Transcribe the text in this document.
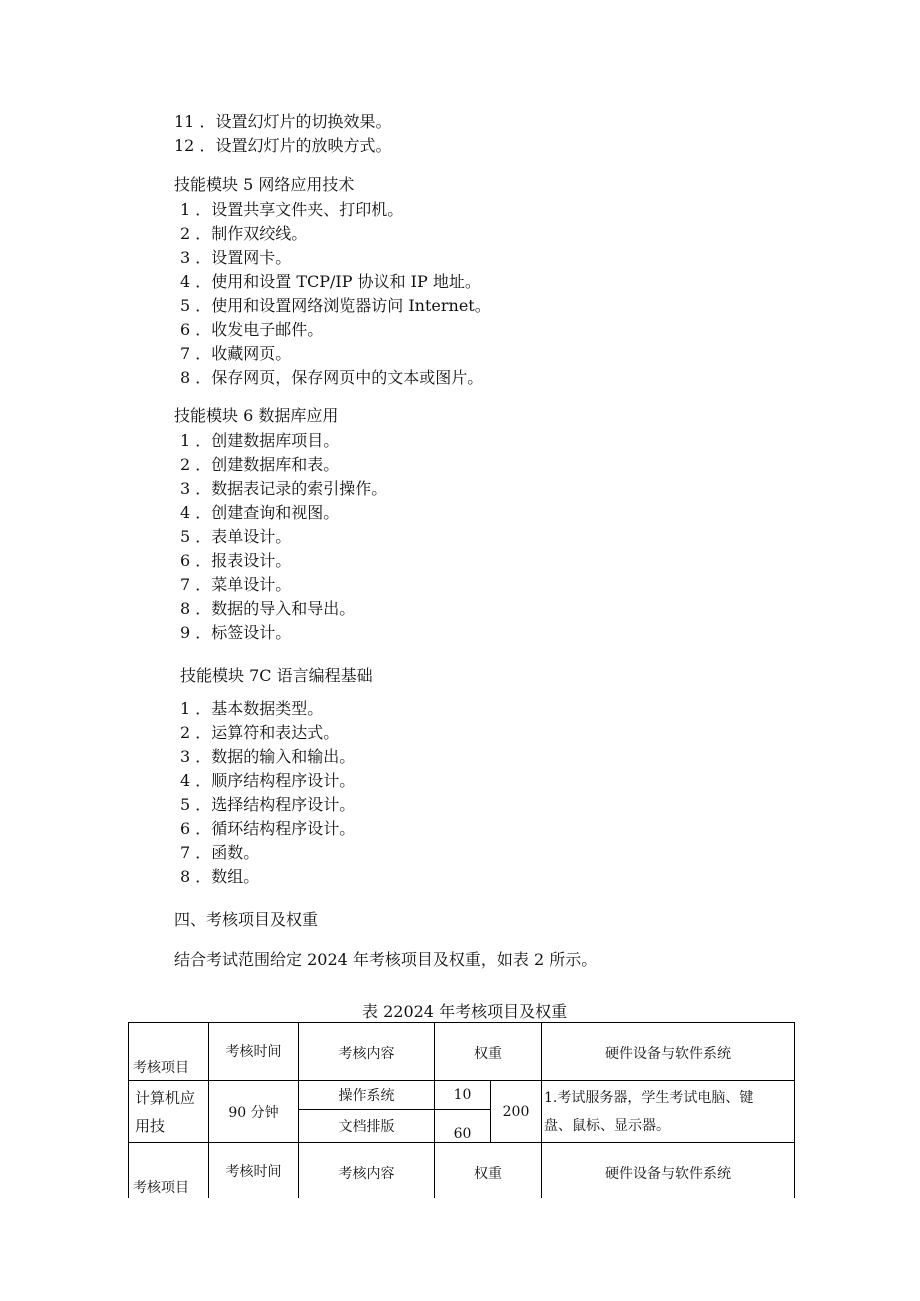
11 ．设置幻灯片的切换效果。
12 ．设置幻灯片的放映方式。
技能模块 5 网络应用技术
1 ．设置共享文件夹、打印机。
2 ．制作双绞线。
3 ．设置网卡。
4 ．使用和设置 TCP/IP 协议和 IP 地址。
5 ．使用和设置网络浏览器访问 Internet。
6 ．收发电子邮件。
7 ．收藏网页。
8 ．保存网页，保存网页中的文本或图片。
技能模块 6 数据库应用
1 ．创建数据库项目。
2 ．创建数据库和表。
3 ．数据表记录的索引操作。
4 ．创建查询和视图。
5 ．表单设计。
6 ．报表设计。
7 ．菜单设计。
8 ．数据的导入和导出。
9 ．标签设计。
技能模块 7C 语言编程基础
1 ．基本数据类型。
2 ．运算符和表达式。
3 ．数据的输入和输出。
4 ．顺序结构程序设计。
5 ．选择结构程序设计。
6 ．循环结构程序设计。
7 ．函数。
8 ．数组。
四、考核项目及权重
结合考试范围给定 2024 年考核项目及权重，如表 2 所示。
表 22024 年考核项目及权重
考核项目	考核时间	考核内容	权重		硬件设备与软件系统

计算机应
用技	90 分钟	操作系统	10	200	1.考试服务器，学生考试电脑、键
盘、鼠标、显示器。

		文档排版	60		
考核项目	考核时间	考核内容	权重		硬件设备与软件系统
